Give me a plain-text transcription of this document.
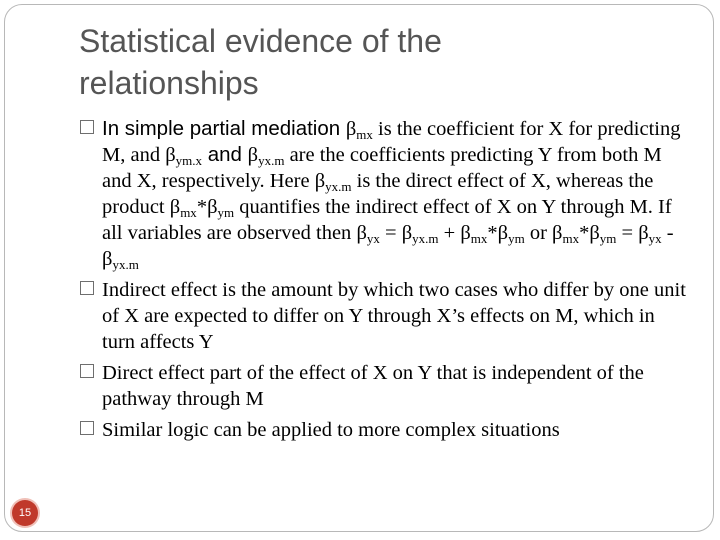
Statistical evidence of the
relationships
In simple partial mediation $\beta_{mx}$ is the coefficient for X for predicting M, and $\beta_{ym.x}$ and $\beta_{yx.m}$ are the coefficients predicting Y from both M and X, respectively. Here $\beta_{yx.m}$ is the direct effect of X, whereas the product $\beta_{mx}*\beta_{ym}$ quantifies the indirect effect of X on Y through M. If all variables are observed then $\beta_{yx} = \beta_{yx.m} + \beta_{mx}*\beta_{ym}$ or $\beta_{mx}*\beta_{ym} = \beta_{yx} - \beta_{yx.m}$
Indirect effect is the amount by which two cases who differ by one unit of X are expected to differ on Y through X’s effects on M, which in turn affects Y
Direct effect part of the effect of X on Y that is independent of the pathway through M
Similar logic can be applied to more complex situations
15
